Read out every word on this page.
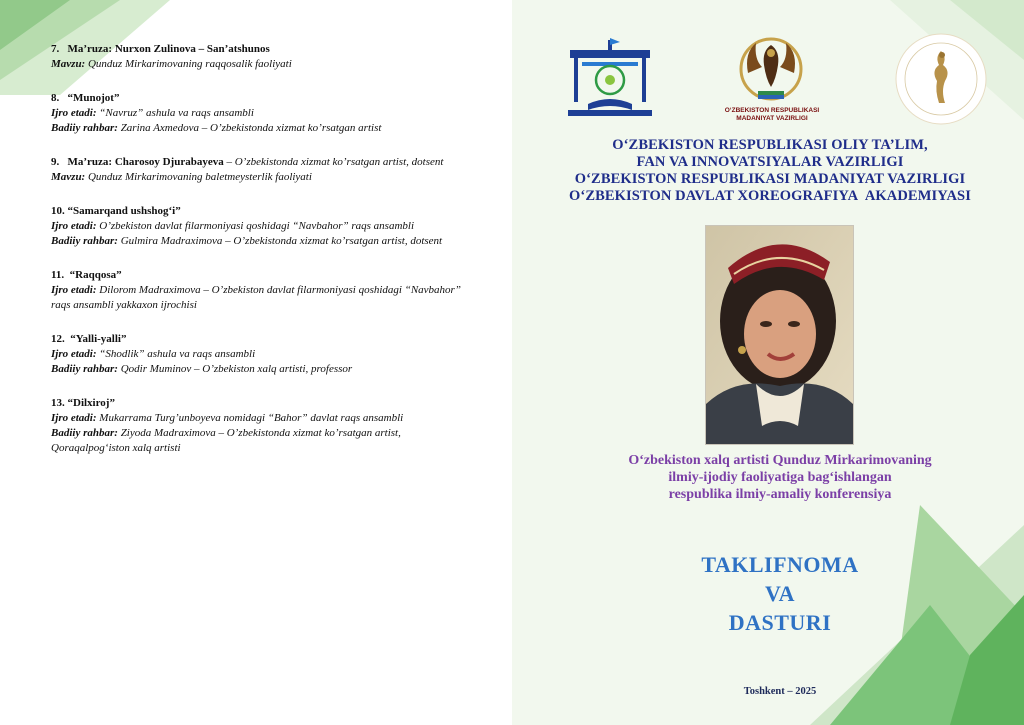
7.   Ma’ruza: Nurxon Zulinova – San’atshunos
Mavzu: Qunduz Mirkarimovaning raqqosalik faoliyati
8.   “Munojot”
Ijro etadi: “Navruz” ashula va raqs ansambli
Badiiy rahbar: Zarina Axmedova – O’zbekistonda xizmat ko’rsatgan artist
9.   Ma’ruza: Charosoy Djurabayeva – O’zbekistonda xizmat ko’rsatgan artist, dotsent
Mavzu: Qunduz Mirkarimovaning baletmeysterlik faoliyati
10. “Samarqand ushshog‘i”
Ijro etadi: O’zbekiston davlat filarmoniyasi qoshidagi “Navbahor” raqs ansambli
Badiiy rahbar: Gulmira Madraximova – O’zbekistonda xizmat ko’rsatgan artist, dotsent
11.  “Raqqosa”
Ijro etadi: Dilorom Madraximova – O’zbekiston davlat filarmoniyasi qoshidagi “Navbahor” raqs ansambli yakkaxon ijrochisi
12.  “Yalli-yalli”
Ijro etadi: “Shodlik” ashula va raqs ansambli
Badiiy rahbar: Qodir Muminov – O’zbekiston xalq artisti, professor
13. “Dilxiroj”
Ijro etadi: Mukarrama Turg’unboyeva nomidagi “Bahor” davlat raqs ansambli
Badiiy rahbar: Ziyoda Madraximova – O’zbekistonda xizmat ko’rsatgan artist, Qoraqalpog‘iston xalq artisti
O‘ZBEKISTON RESPUBLIKASI
MADANIYAT VAZIRLIGI
O‘ZBEKISTON RESPUBLIKASI OLIY TA’LIM,
FAN VA INNOVATSIYALAR VAZIRLIGI
O‘ZBEKISTON RESPUBLIKASI MADANIYAT VAZIRLIGI
O‘ZBEKISTON DAVLAT XOREOGRAFIYA  AKADEMIYASI
O‘zbekiston xalq artisti Qunduz Mirkarimovaning
ilmiy-ijodiy faoliyatiga bag‘ishlangan
respublika ilmiy-amaliy konferensiya
TAKLIFNOMA
VA
DASTURI
Toshkent – 2025
